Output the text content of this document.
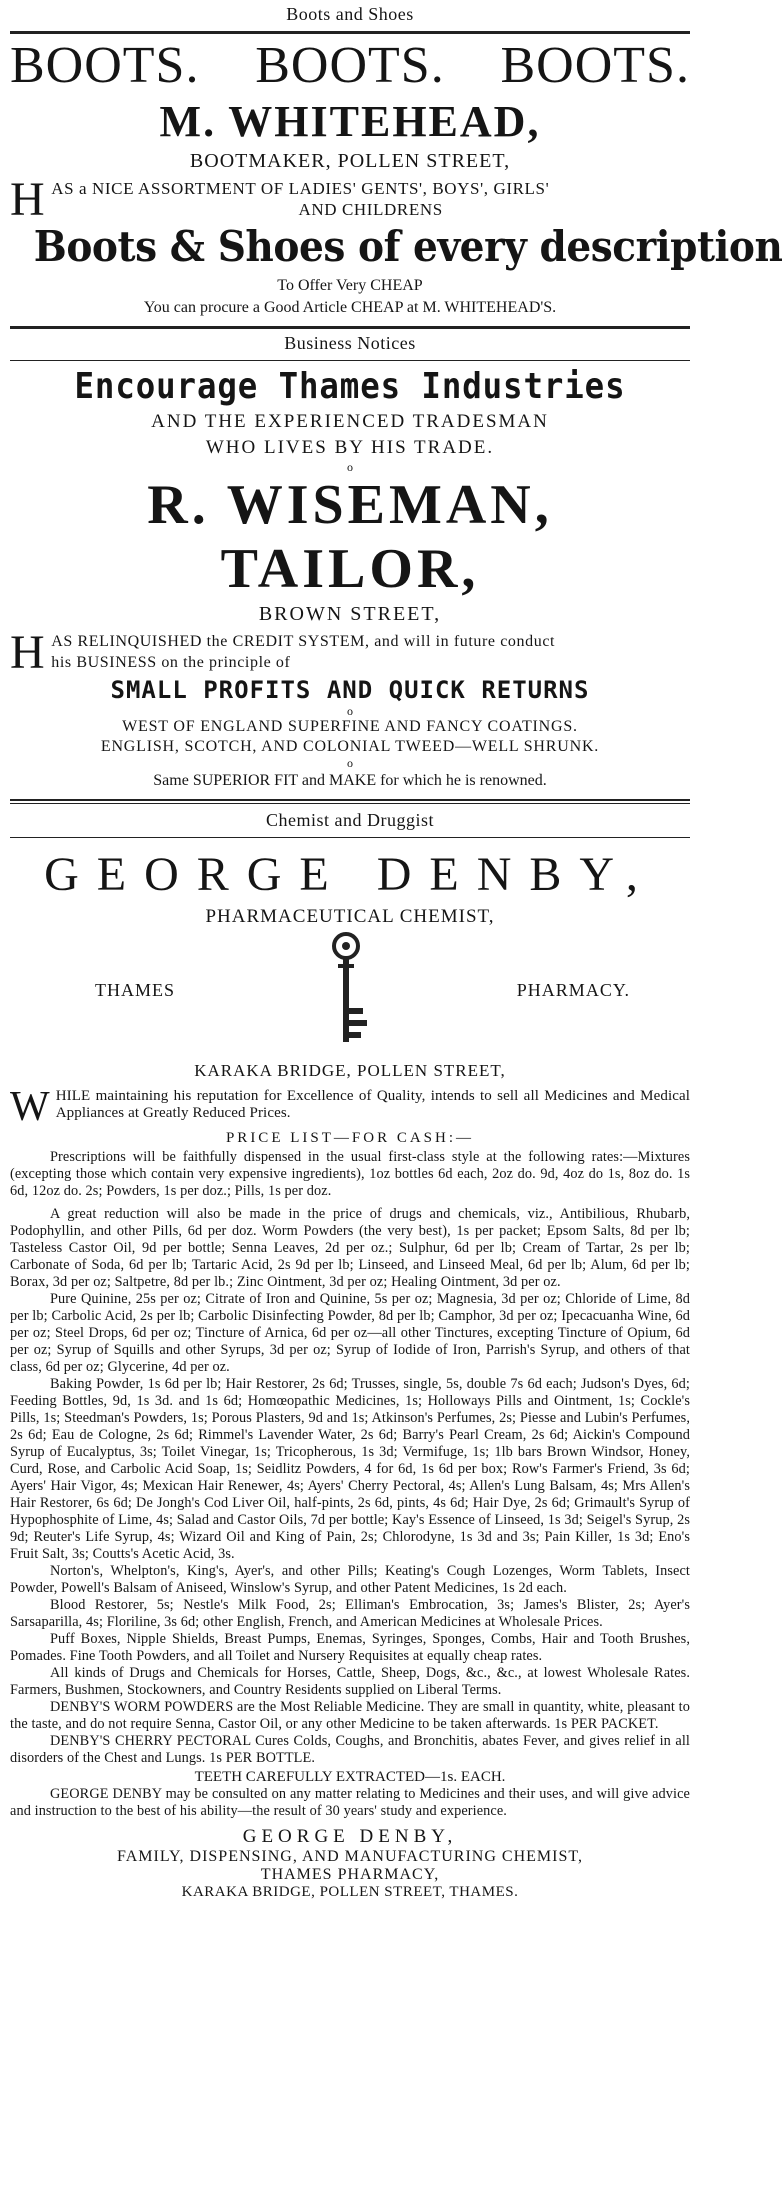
Boots and Shoes
BOOTS. BOOTS. BOOTS.
M. WHITEHEAD,
BOOTMAKER, POLLEN STREET,
H AS a NICE ASSORTMENT OF LADIES' GENTS', BOYS', GIRLS'
AND CHILDRENS
Boots & Shoes of every description
To Offer Very CHEAP
You can procure a Good Article CHEAP at M. WHITEHEAD'S.
Business Notices
Encourage Thames Industries
AND THE EXPERIENCED TRADESMAN
WHO LIVES BY HIS TRADE.
o
R. WISEMAN, TAILOR,
BROWN STREET,
H AS RELINQUISHED the CREDIT SYSTEM, and will in future conduct
his BUSINESS on the principle of
SMALL PROFITS AND QUICK RETURNS
o
WEST OF ENGLAND SUPERFINE AND FANCY COATINGS.
ENGLISH, SCOTCH, AND COLONIAL TWEED—WELL SHRUNK.
o
Same SUPERIOR FIT and MAKE for which he is renowned.
Chemist and Druggist
GEORGE DENBY,
PHARMACEUTICAL CHEMIST,
THAMES	PHARMACY.
KARAKA BRIDGE, POLLEN STREET,
W HILE maintaining his reputation for Excellence of Quality, intends to sell all Medicines and Medical Appliances at Greatly Reduced Prices.
PRICE LIST—FOR CASH:—

Prescriptions will be faithfully dispensed in the usual first-class style at the following rates:—Mixtures (excepting those which contain very expensive ingredients), 1oz bottles 6d each, 2oz do. 9d, 4oz do 1s, 8oz do. 1s 6d, 12oz do. 2s; Powders, 1s per doz.; Pills, 1s per doz.

A great reduction will also be made in the price of drugs and chemicals, viz., Antibilious, Rhubarb, Podophyllin, and other Pills, 6d per doz. Worm Powders (the very best), 1s per packet; Epsom Salts, 8d per lb; Tasteless Castor Oil, 9d per bottle; Senna Leaves, 2d per oz.; Sulphur, 6d per lb; Cream of Tartar, 2s per lb; Carbonate of Soda, 6d per lb; Tartaric Acid, 2s 9d per lb; Linseed, and Linseed Meal, 6d per lb; Alum, 6d per lb; Borax, 3d per oz; Saltpetre, 8d per lb.; Zinc Ointment, 3d per oz; Healing Ointment, 3d per oz.

Pure Quinine, 25s per oz; Citrate of Iron and Quinine, 5s per oz; Magnesia, 3d per oz; Chloride of Lime, 8d per lb; Carbolic Acid, 2s per lb; Carbolic Disinfecting Powder, 8d per lb; Camphor, 3d per oz; Ipecacuanha Wine, 6d per oz; Steel Drops, 6d per oz; Tincture of Arnica, 6d per oz—all other Tinctures, excepting Tincture of Opium, 6d per oz; Syrup of Squills and other Syrups, 3d per oz; Syrup of Iodide of Iron, Parrish's Syrup, and others of that class, 6d per oz; Glycerine, 4d per oz.

Baking Powder, 1s 6d per lb; Hair Restorer, 2s 6d; Trusses, single, 5s, double 7s 6d each; Judson's Dyes, 6d; Feeding Bottles, 9d, 1s 3d. and 1s 6d; Homœopathic Medicines, 1s; Holloways Pills and Ointment, 1s; Cockle's Pills, 1s; Steedman's Powders, 1s; Porous Plasters, 9d and 1s; Atkinson's Perfumes, 2s; Piesse and Lubin's Perfumes, 2s 6d; Eau de Cologne, 2s 6d; Rimmel's Lavender Water, 2s 6d; Barry's Pearl Cream, 2s 6d; Aickin's Compound Syrup of Eucalyptus, 3s; Toilet Vinegar, 1s; Tricopherous, 1s 3d; Vermifuge, 1s; 1lb bars Brown Windsor, Honey, Curd, Rose, and Carbolic Acid Soap, 1s; Seidlitz Powders, 4 for 6d, 1s 6d per box; Row's Farmer's Friend, 3s 6d; Ayers' Hair Vigor, 4s; Mexican Hair Renewer, 4s; Ayers' Cherry Pectoral, 4s; Allen's Lung Balsam, 4s; Mrs Allen's Hair Restorer, 6s 6d; De Jongh's Cod Liver Oil, half-pints, 2s 6d, pints, 4s 6d; Hair Dye, 2s 6d; Grimault's Syrup of Hypophosphite of Lime, 4s; Salad and Castor Oils, 7d per bottle; Kay's Essence of Linseed, 1s 3d; Seigel's Syrup, 2s 9d; Reuter's Life Syrup, 4s; Wizard Oil and King of Pain, 2s; Chlorodyne, 1s 3d and 3s; Pain Killer, 1s 3d; Eno's Fruit Salt, 3s; Coutts's Acetic Acid, 3s.

Norton's, Whelpton's, King's, Ayer's, and other Pills; Keating's Cough Lozenges, Worm Tablets, Insect Powder, Powell's Balsam of Aniseed, Winslow's Syrup, and other Patent Medicines, 1s 2d each.

Blood Restorer, 5s; Nestle's Milk Food, 2s; Elliman's Embrocation, 3s; James's Blister, 2s; Ayer's Sarsaparilla, 4s; Floriline, 3s 6d; other English, French, and American Medicines at Wholesale Prices.

Puff Boxes, Nipple Shields, Breast Pumps, Enemas, Syringes, Sponges, Combs, Hair and Tooth Brushes, Pomades. Fine Tooth Powders, and all Toilet and Nursery Requisites at equally cheap rates.

All kinds of Drugs and Chemicals for Horses, Cattle, Sheep, Dogs, &c., &c., at lowest Wholesale Rates. Farmers, Bushmen, Stockowners, and Country Residents supplied on Liberal Terms.

DENBY'S WORM POWDERS are the Most Reliable Medicine. They are small in quantity, white, pleasant to the taste, and do not require Senna, Castor Oil, or any other Medicine to be taken afterwards. 1s PER PACKET.

DENBY'S CHERRY PECTORAL Cures Colds, Coughs, and Bronchitis, abates Fever, and gives relief in all disorders of the Chest and Lungs. 1s PER BOTTLE.

TEETH CAREFULLY EXTRACTED—1s. EACH.

GEORGE DENBY may be consulted on any matter relating to Medicines and their uses, and will give advice and instruction to the best of his ability—the result of 30 years' study and experience.

GEORGE DENBY,
FAMILY, DISPENSING, AND MANUFACTURING CHEMIST,
THAMES PHARMACY,
KARAKA BRIDGE, POLLEN STREET, THAMES.
